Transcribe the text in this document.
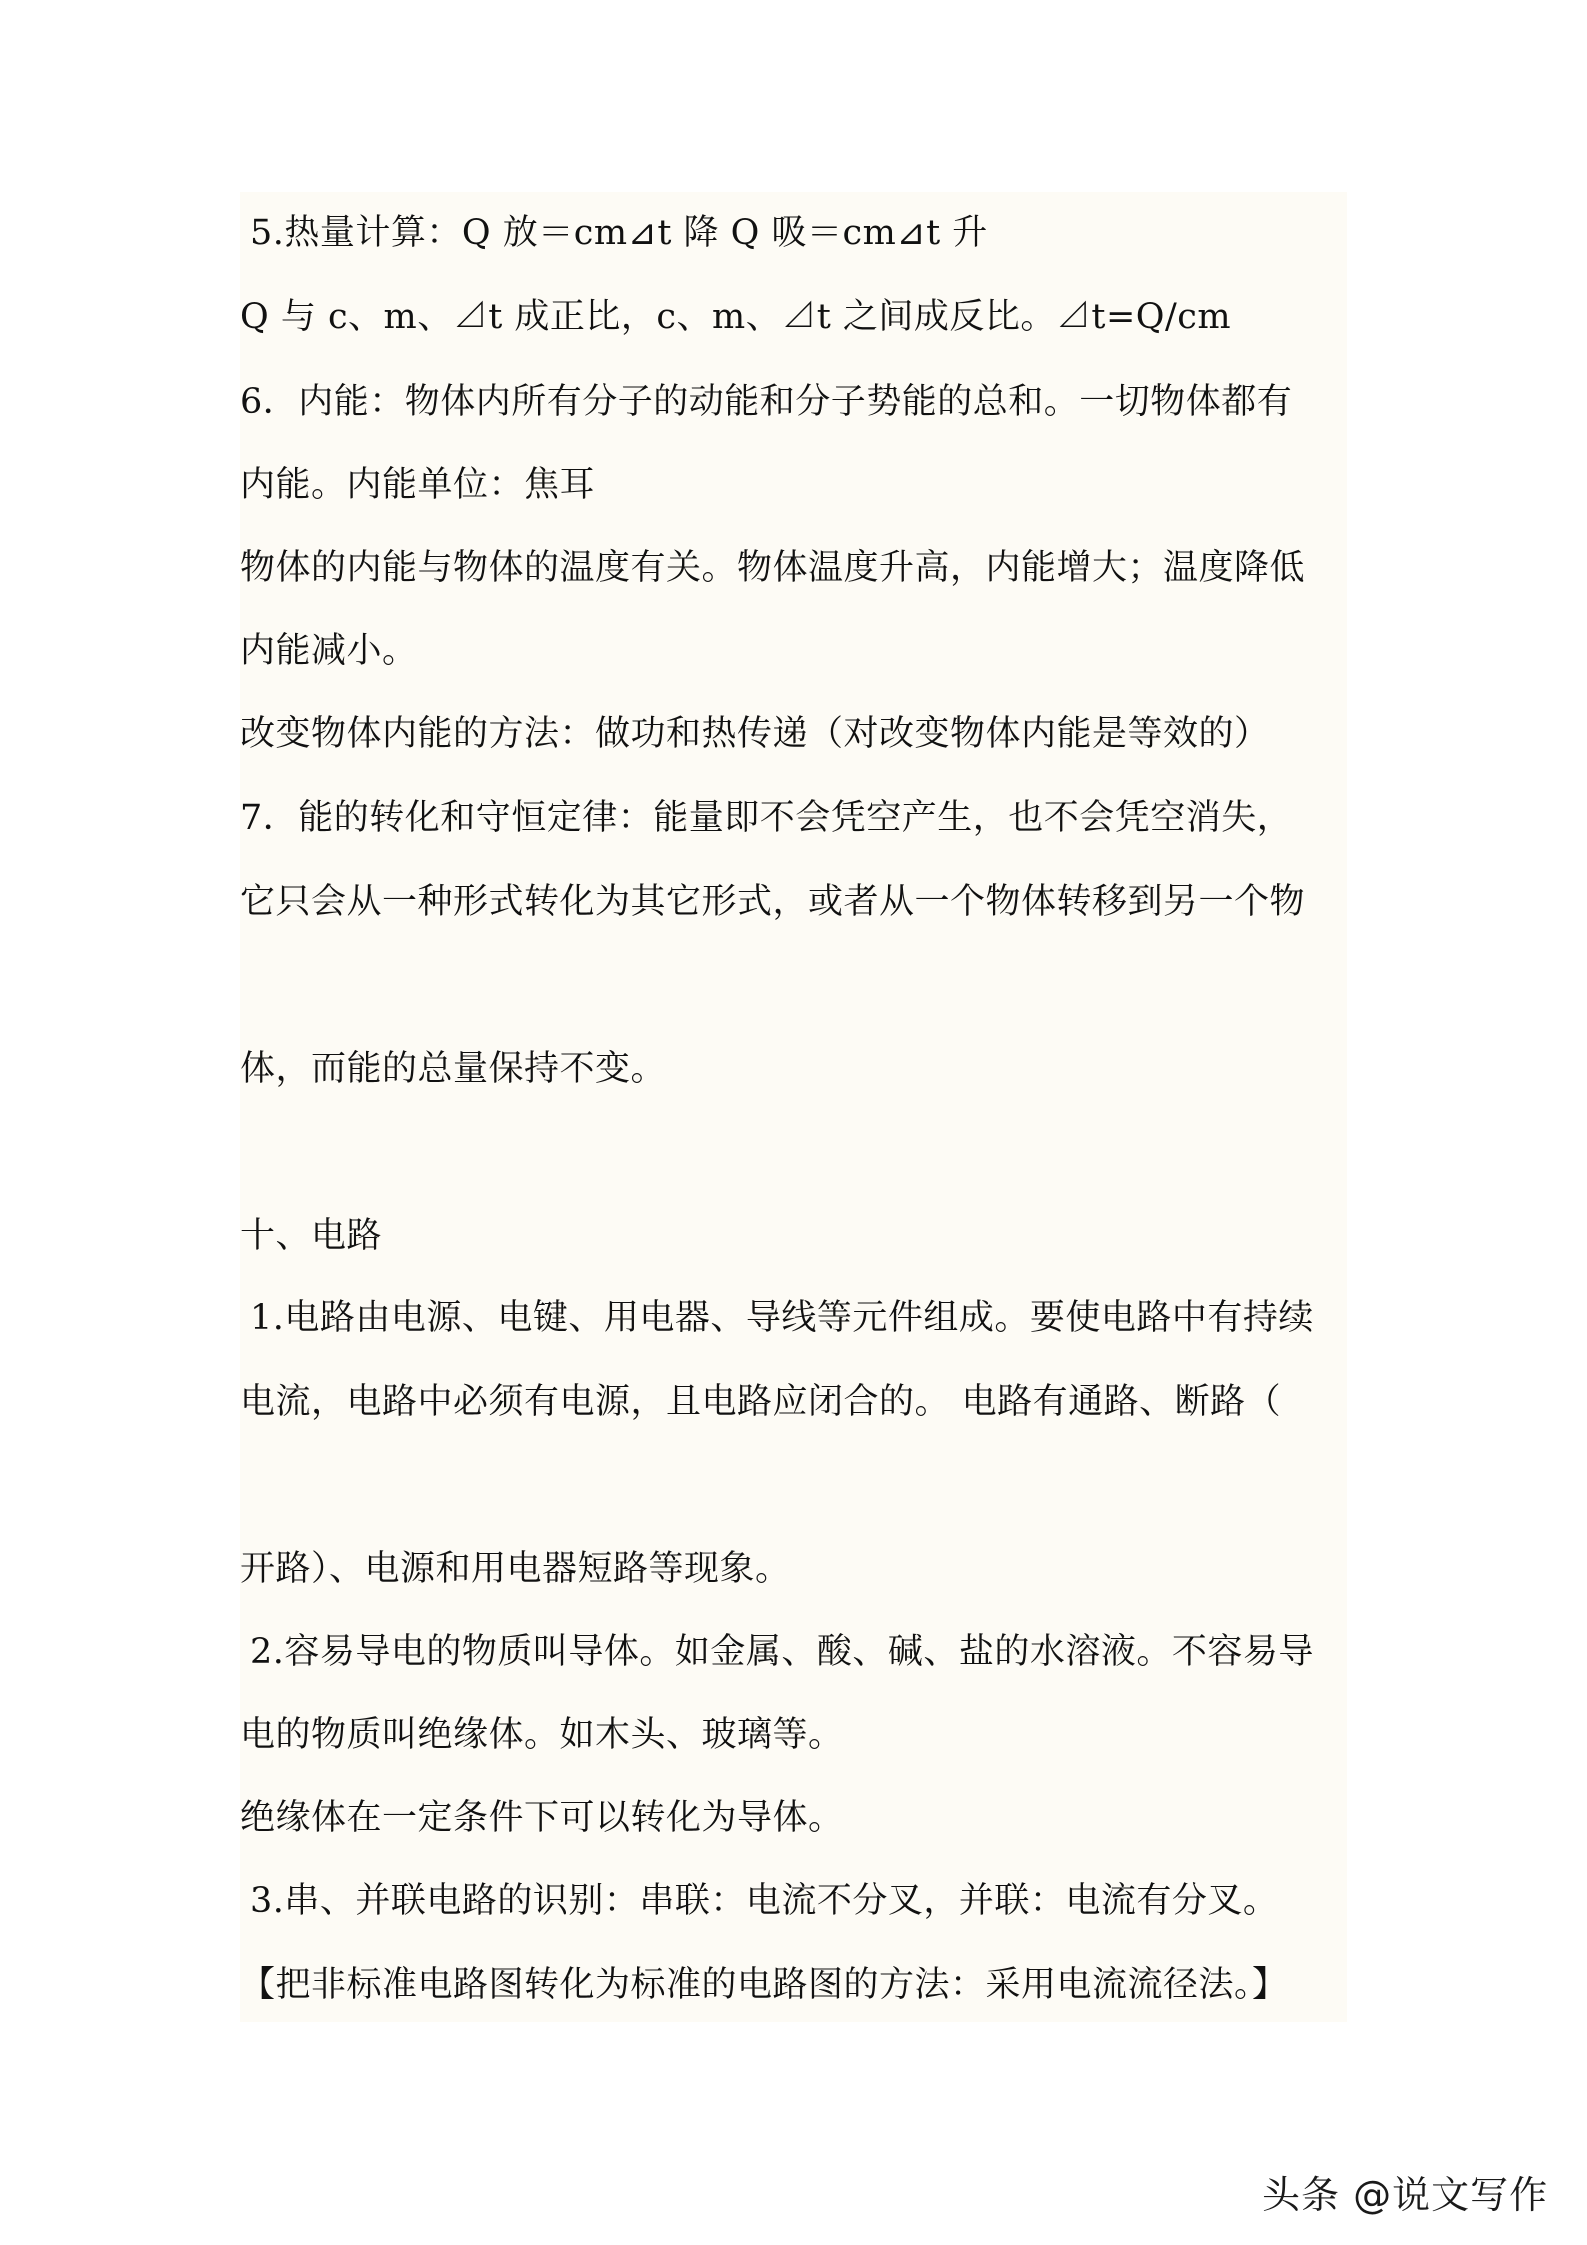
5.热量计算：Q 放＝cm⊿t 降 Q 吸＝cm⊿t 升
Q 与 c、m、⊿t 成正比，c、m、⊿t 之间成反比。⊿t=Q/cm
6．内能：物体内所有分子的动能和分子势能的总和。一切物体都有
内能。内能单位：焦耳
物体的内能与物体的温度有关。物体温度升高，内能增大；温度降低
内能减小。
改变物体内能的方法：做功和热传递（对改变物体内能是等效的）
7．能的转化和守恒定律：能量即不会凭空产生，也不会凭空消失，
它只会从一种形式转化为其它形式，或者从一个物体转移到另一个物
体，而能的总量保持不变。
十、电路
1.电路由电源、电键、用电器、导线等元件组成。要使电路中有持续
电流，电路中必须有电源，且电路应闭合的。 电路有通路、断路（
开路）、电源和用电器短路等现象。
2.容易导电的物质叫导体。如金属、酸、碱、盐的水溶液。不容易导
电的物质叫绝缘体。如木头、玻璃等。
绝缘体在一定条件下可以转化为导体。
3.串、并联电路的识别：串联：电流不分叉，并联：电流有分叉。
【把非标准电路图转化为标准的电路图的方法：采用电流流径法。】
头条 @说文写作
